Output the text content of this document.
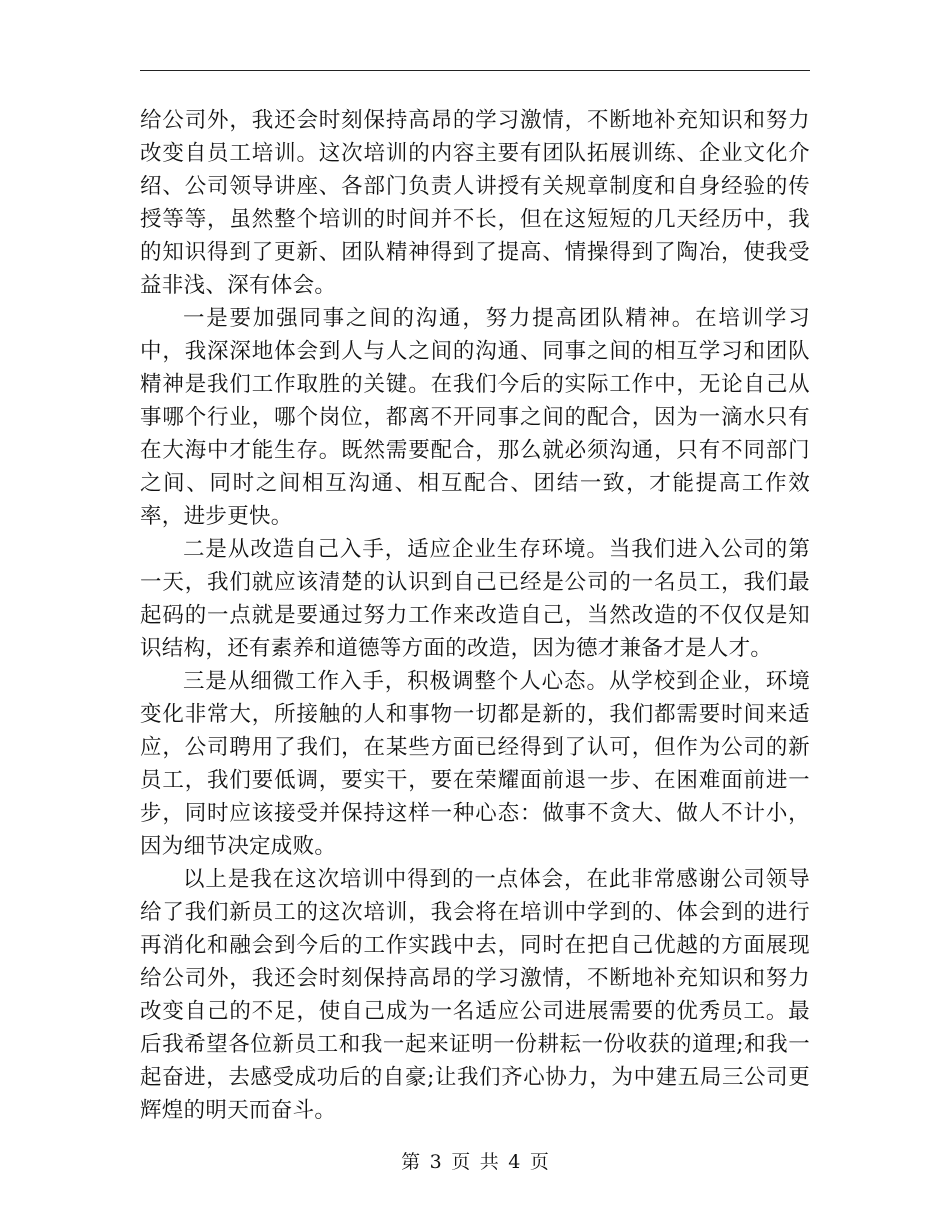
给公司外，我还会时刻保持高昂的学习激情，不断地补充知识和努力改变自员工培训。这次培训的内容主要有团队拓展训练、企业文化介绍、公司领导讲座、各部门负责人讲授有关规章制度和自身经验的传授等等，虽然整个培训的时间并不长，但在这短短的几天经历中，我的知识得到了更新、团队精神得到了提高、情操得到了陶冶，使我受益非浅、深有体会。

一是要加强同事之间的沟通，努力提高团队精神。在培训学习中，我深深地体会到人与人之间的沟通、同事之间的相互学习和团队精神是我们工作取胜的关键。在我们今后的实际工作中，无论自己从事哪个行业，哪个岗位，都离不开同事之间的配合，因为一滴水只有在大海中才能生存。既然需要配合，那么就必须沟通，只有不同部门之间、同时之间相互沟通、相互配合、团结一致，才能提高工作效率，进步更快。

二是从改造自己入手，适应企业生存环境。当我们进入公司的第一天，我们就应该清楚的认识到自己已经是公司的一名员工，我们最起码的一点就是要通过努力工作来改造自己，当然改造的不仅仅是知识结构，还有素养和道德等方面的改造，因为德才兼备才是人才。

三是从细微工作入手，积极调整个人心态。从学校到企业，环境变化非常大，所接触的人和事物一切都是新的，我们都需要时间来适应，公司聘用了我们，在某些方面已经得到了认可，但作为公司的新员工，我们要低调，要实干，要在荣耀面前退一步、在困难面前进一步，同时应该接受并保持这样一种心态：做事不贪大、做人不计小，因为细节决定成败。

以上是我在这次培训中得到的一点体会，在此非常感谢公司领导给了我们新员工的这次培训，我会将在培训中学到的、体会到的进行再消化和融会到今后的工作实践中去，同时在把自己优越的方面展现给公司外，我还会时刻保持高昂的学习激情，不断地补充知识和努力改变自己的不足，使自己成为一名适应公司进展需要的优秀员工。最后我希望各位新员工和我一起来证明一份耕耘一份收获的道理;和我一起奋进，去感受成功后的自豪;让我们齐心协力，为中建五局三公司更辉煌的明天而奋斗。

第 3 页 共 4 页
